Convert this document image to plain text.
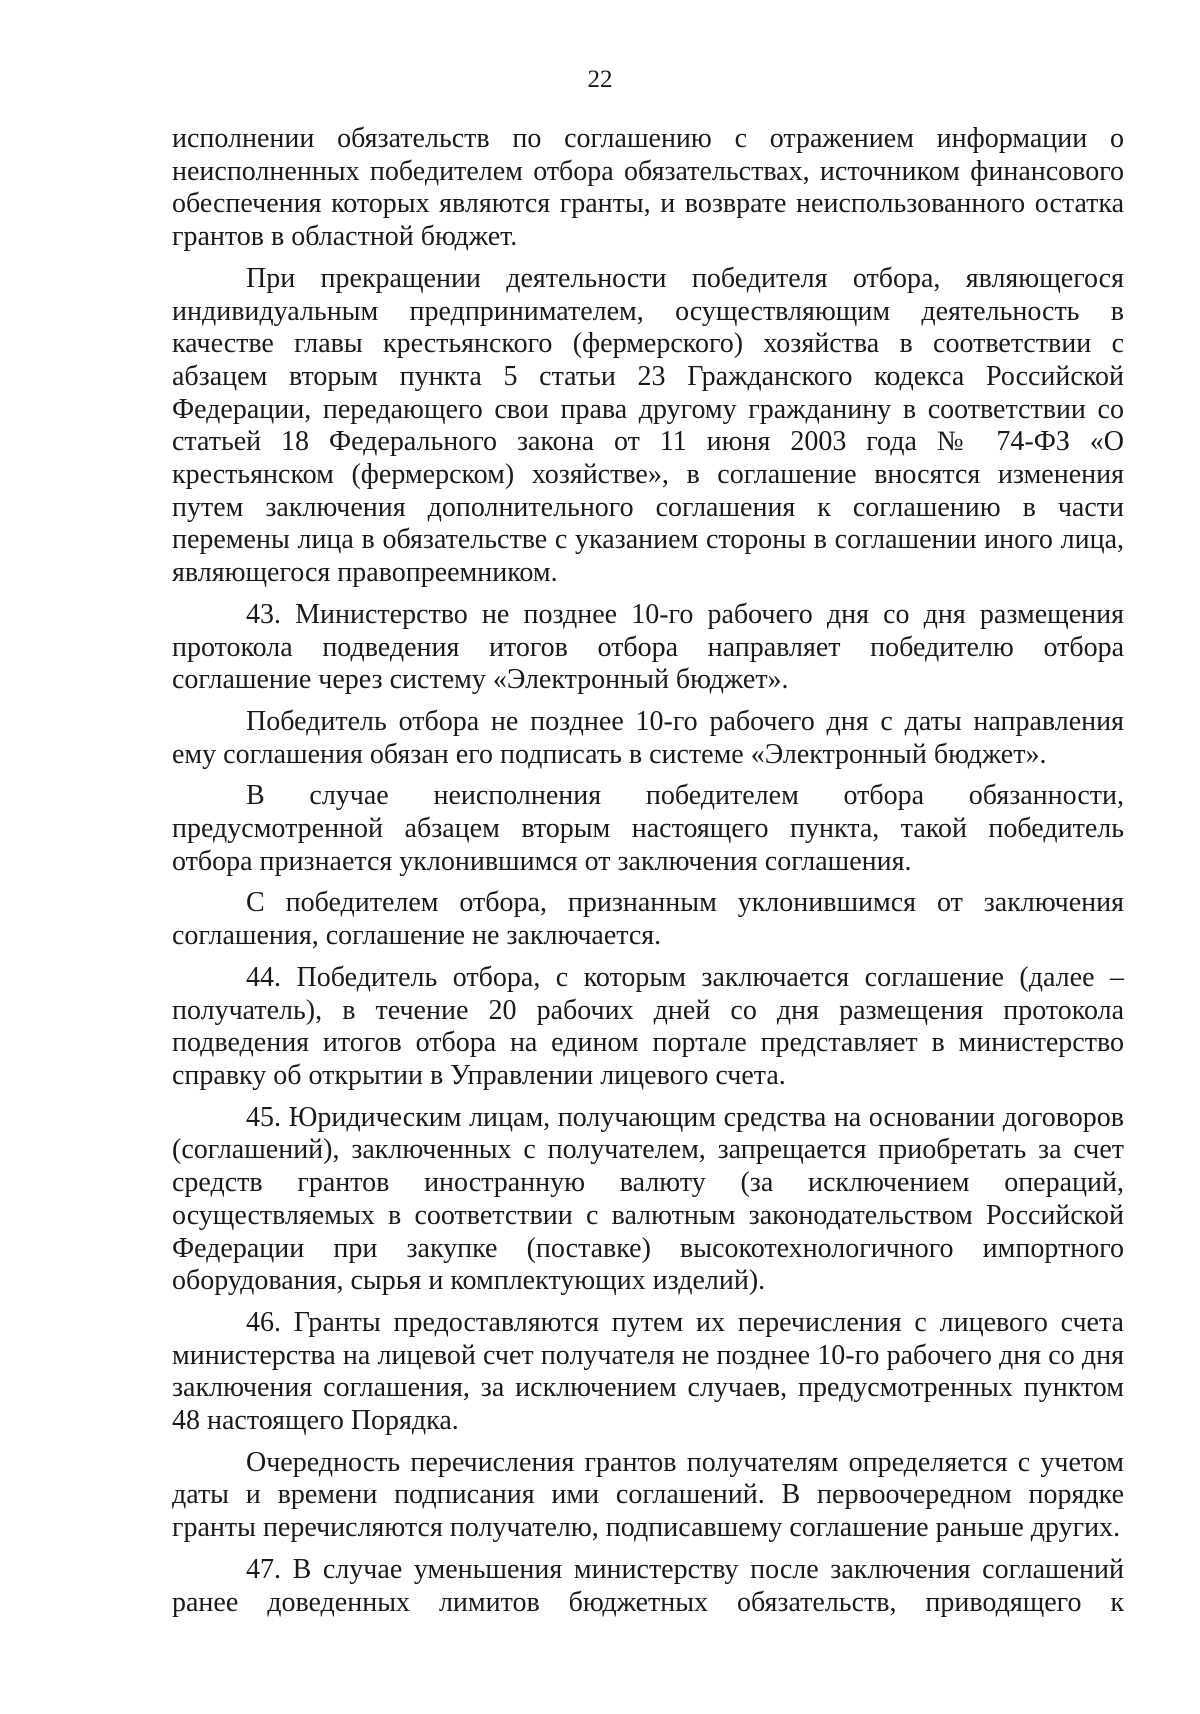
22

исполнении обязательств по соглашению с отражением информации о неисполненных победителем отбора обязательствах, источником финансового обеспечения которых являются гранты, и возврате неиспользованного остатка грантов в областной бюджет.

При прекращении деятельности победителя отбора, являющегося индивидуальным предпринимателем, осуществляющим деятельность в качестве главы крестьянского (фермерского) хозяйства в соответствии с абзацем вторым пункта 5 статьи 23 Гражданского кодекса Российской Федерации, передающего свои права другому гражданину в соответствии со статьей 18 Федерального закона от 11 июня 2003 года № 74-ФЗ «О крестьянском (фермерском) хозяйстве», в соглашение вносятся изменения путем заключения дополнительного соглашения к соглашению в части перемены лица в обязательстве с указанием стороны в соглашении иного лица, являющегося правопреемником.

43. Министерство не позднее 10-го рабочего дня со дня размещения протокола подведения итогов отбора направляет победителю отбора соглашение через систему «Электронный бюджет».

Победитель отбора не позднее 10-го рабочего дня с даты направления ему соглашения обязан его подписать в системе «Электронный бюджет».

В случае неисполнения победителем отбора обязанности, предусмотренной абзацем вторым настоящего пункта, такой победитель отбора признается уклонившимся от заключения соглашения.

С победителем отбора, признанным уклонившимся от заключения соглашения, соглашение не заключается.

44. Победитель отбора, с которым заключается соглашение (далее – получатель), в течение 20 рабочих дней со дня размещения протокола подведения итогов отбора на едином портале представляет в министерство справку об открытии в Управлении лицевого счета.

45. Юридическим лицам, получающим средства на основании договоров (соглашений), заключенных с получателем, запрещается приобретать за счет средств грантов иностранную валюту (за исключением операций, осуществляемых в соответствии с валютным законодательством Российской Федерации при закупке (поставке) высокотехнологичного импортного оборудования, сырья и комплектующих изделий).

46. Гранты предоставляются путем их перечисления с лицевого счета министерства на лицевой счет получателя не позднее 10-го рабочего дня со дня заключения соглашения, за исключением случаев, предусмотренных пунктом 48 настоящего Порядка.

Очередность перечисления грантов получателям определяется с учетом даты и времени подписания ими соглашений. В первоочередном порядке гранты перечисляются получателю, подписавшему соглашение раньше других.

47. В случае уменьшения министерству после заключения соглашений ранее доведенных лимитов бюджетных обязательств, приводящего к
